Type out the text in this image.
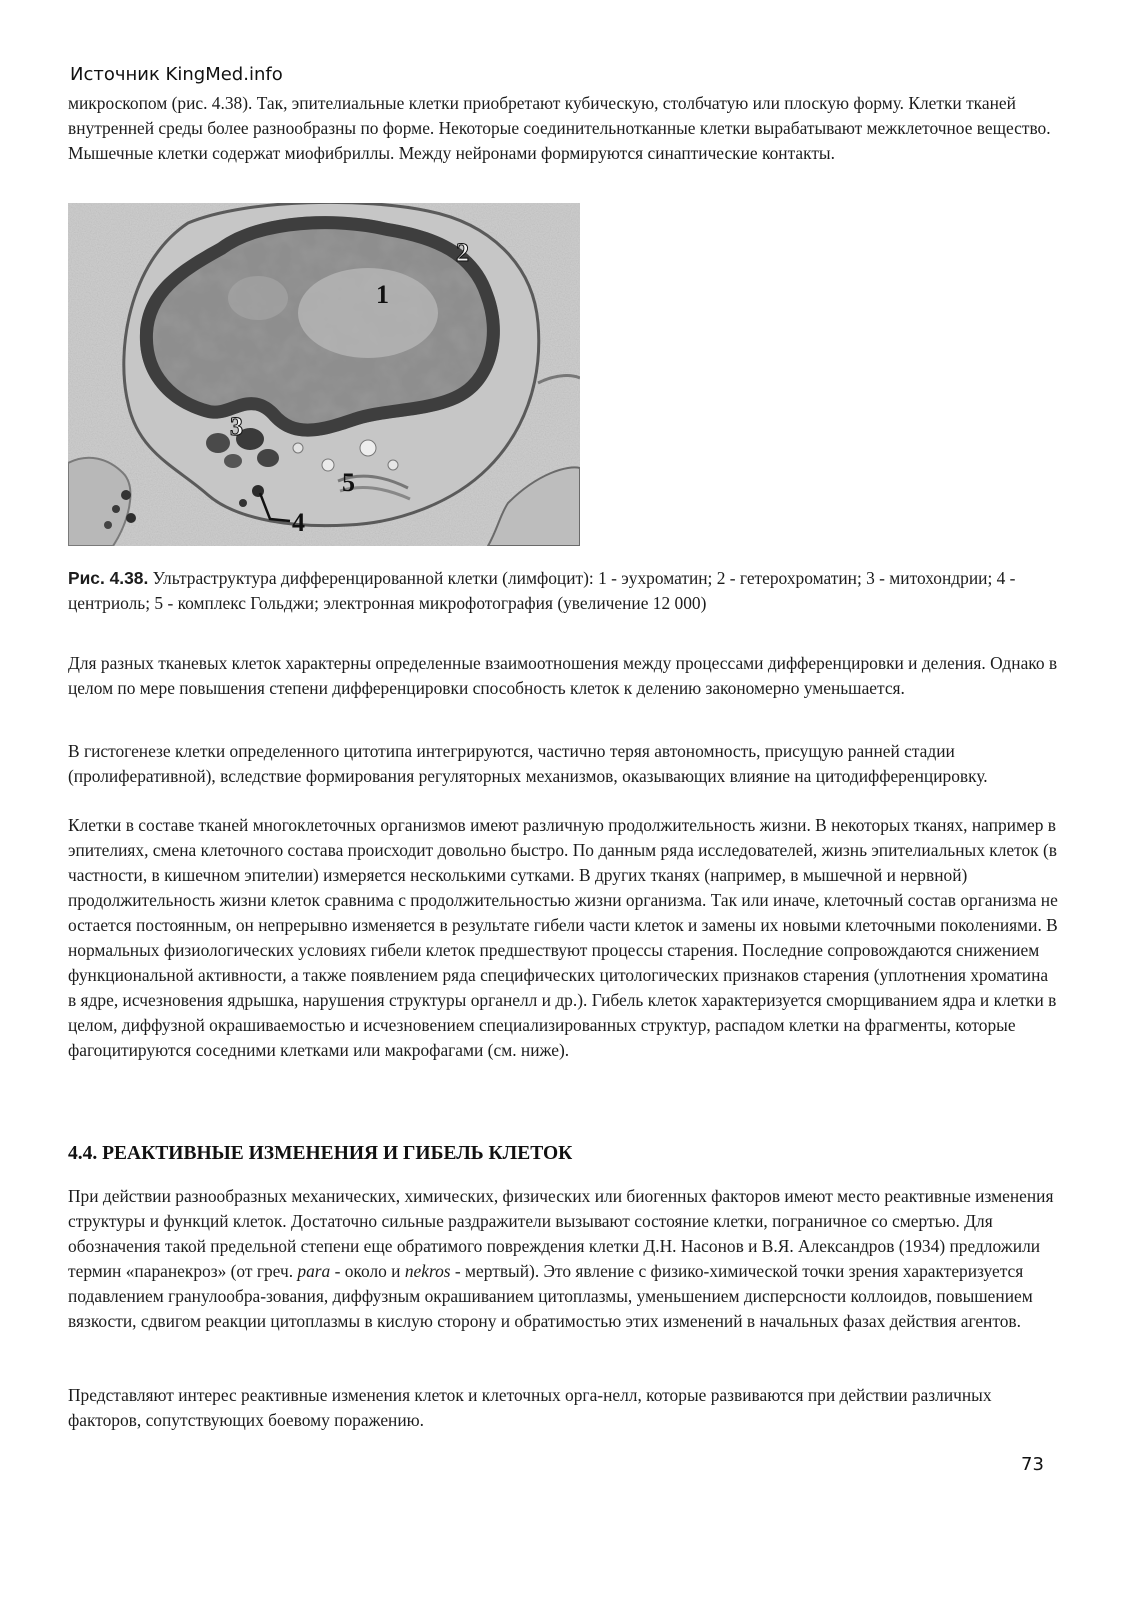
Источник KingMed.info

микроскопом (рис. 4.38). Так, эпителиальные клетки приобретают кубическую, столбчатую или плоскую форму. Клетки тканей внутренней среды более разнообразны по форме. Некоторые соединительнотканные клетки вырабатывают межклеточное вещество. Мышечные клетки содержат миофибриллы. Между нейронами формируются синаптические контакты.

2
1
3
5
4
Рис. 4.38. Ультраструктура дифференцированной клетки (лимфоцит): 1 - эухроматин; 2 - гетерохроматин; 3 - митохондрии; 4 - центриоль; 5 - комплекс Гольджи; электронная микрофотография (увеличение 12 000)

Для разных тканевых клеток характерны определенные взаимоотношения между процессами дифференцировки и деления. Однако в целом по мере повышения степени дифференцировки способность клеток к делению закономерно уменьшается.

В гистогенезе клетки определенного цитотипа интегрируются, частично теряя автономность, присущую ранней стадии (пролиферативной), вследствие формирования регуляторных механизмов, оказывающих влияние на цитодифференцировку.

Клетки в составе тканей многоклеточных организмов имеют различную продолжительность жизни. В некоторых тканях, например в эпителиях, смена клеточного состава происходит довольно быстро. По данным ряда исследователей, жизнь эпителиальных клеток (в частности, в кишечном эпителии) измеряется несколькими сутками. В других тканях (например, в мышечной и нервной) продолжительность жизни клеток сравнима с продолжительностью жизни организма. Так или иначе, клеточный состав организма не остается постоянным, он непрерывно изменяется в результате гибели части клеток и замены их новыми клеточными поколениями. В нормальных физиологических условиях гибели клеток предшествуют процессы старения. Последние сопровождаются снижением функциональной активности, а также появлением ряда специфических цитологических признаков старения (уплотнения хроматина в ядре, исчезновения ядрышка, нарушения структуры органелл и др.). Гибель клеток характеризуется сморщиванием ядра и клетки в целом, диффузной окрашиваемостью и исчезновением специализированных структур, распадом клетки на фрагменты, которые фагоцитируются соседними клетками или макрофагами (см. ниже).

4.4. РЕАКТИВНЫЕ ИЗМЕНЕНИЯ И ГИБЕЛЬ КЛЕТОК

При действии разнообразных механических, химических, физических или биогенных факторов имеют место реактивные изменения структуры и функций клеток. Достаточно сильные раздражители вызывают состояние клетки, пограничное со смертью. Для обозначения такой предельной степени еще обратимого повреждения клетки Д.Н. Насонов и В.Я. Александров (1934) предложили термин «паранекроз» (от греч. para - около и nekros - мертвый). Это явление с физико-химической точки зрения характеризуется подавлением гранулообра-зования, диффузным окрашиванием цитоплазмы, уменьшением дисперсности коллоидов, повышением вязкости, сдвигом реакции цитоплазмы в кислую сторону и обратимостью этих изменений в начальных фазах действия агентов.

Представляют интерес реактивные изменения клеток и клеточных орга-нелл, которые развиваются при действии различных факторов, сопутствующих боевому поражению.

73
